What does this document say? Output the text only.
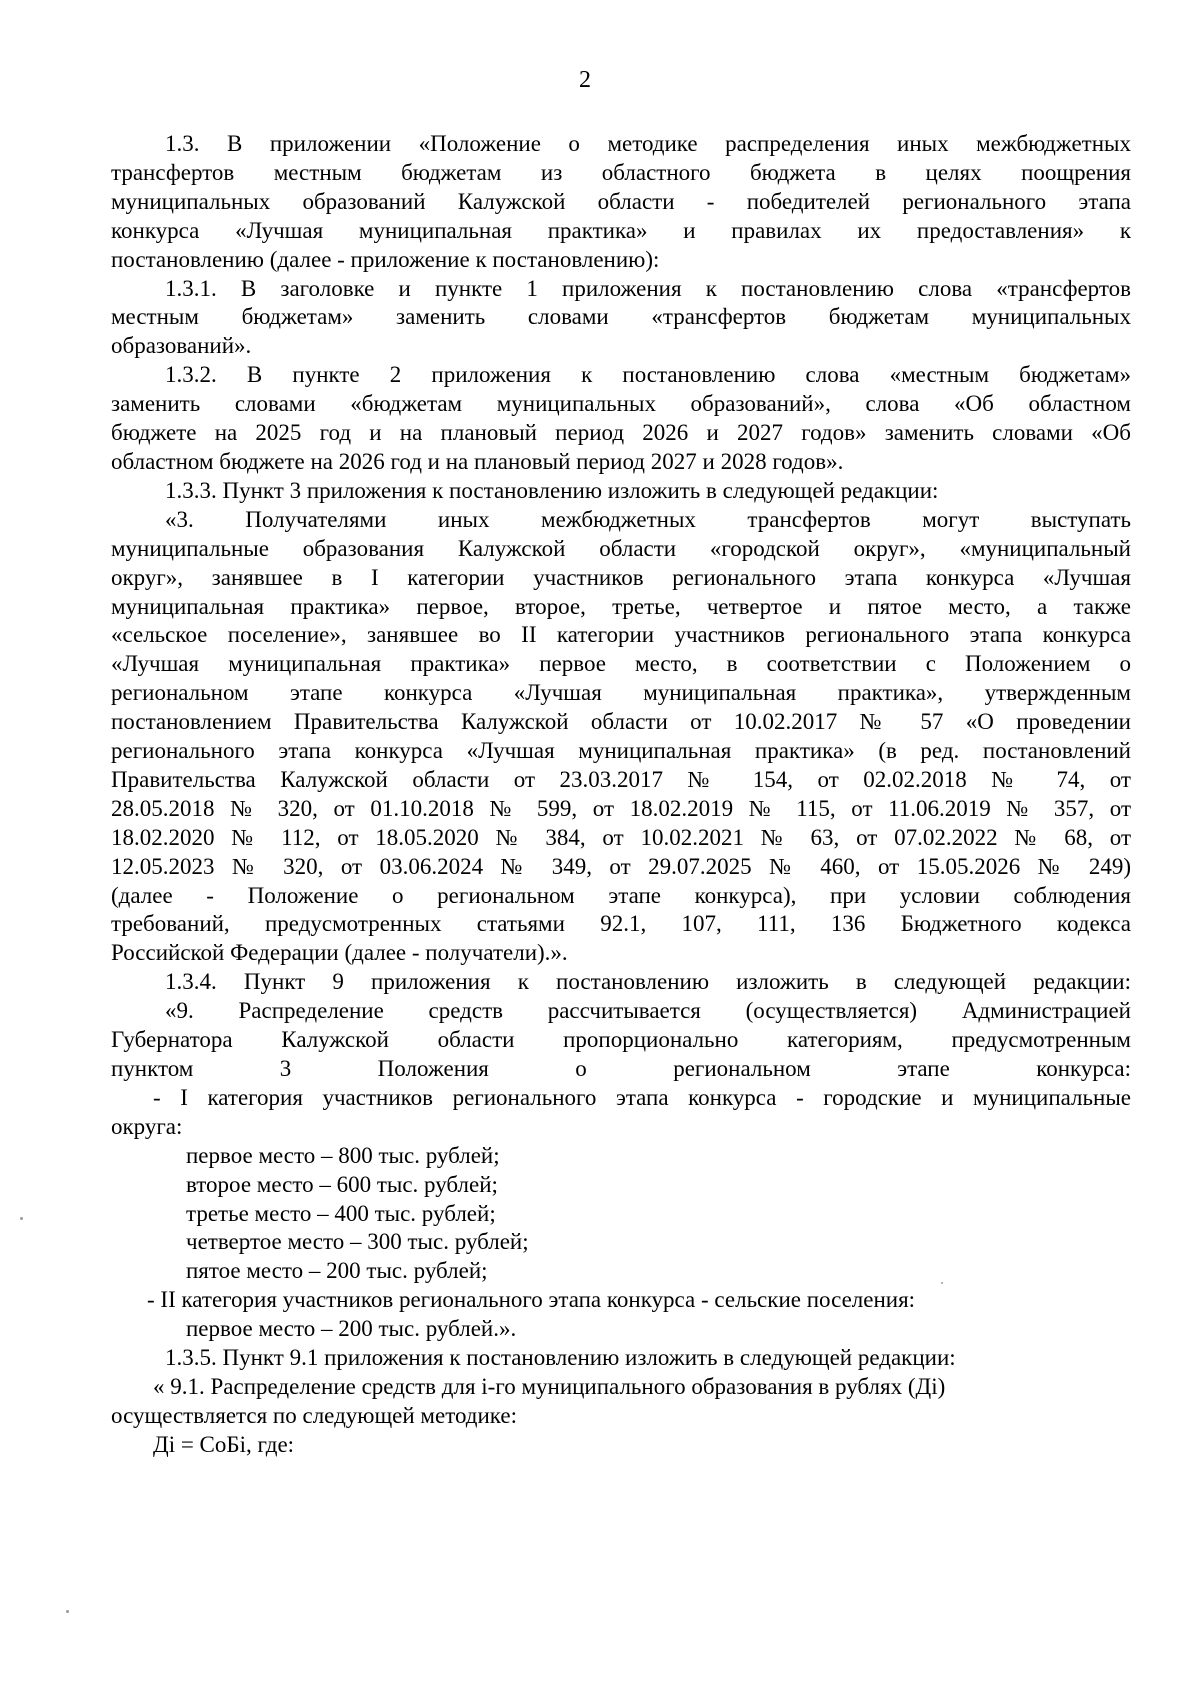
2
1.3. В приложении «Положение о методике распределения иных межбюджетных
трансфертов местным бюджетам из областного бюджета в целях поощрения
муниципальных образований Калужской области - победителей регионального этапа
конкурса «Лучшая муниципальная практика» и правилах их предоставления» к
постановлению (далее - приложение к постановлению):
1.3.1. В заголовке и пункте 1 приложения к постановлению слова «трансфертов
местным бюджетам» заменить словами «трансфертов бюджетам муниципальных
образований».
1.3.2. В пункте 2 приложения к постановлению слова «местным бюджетам»
заменить словами «бюджетам муниципальных образований», слова «Об областном
бюджете на 2025 год и на плановый период 2026 и 2027 годов» заменить словами «Об
областном бюджете на 2026 год и на плановый период 2027 и 2028 годов».
1.3.3. Пункт 3 приложения к постановлению изложить в следующей редакции:
«3. Получателями иных межбюджетных трансфертов могут выступать
муниципальные образования Калужской области «городской округ», «муниципальный
округ», занявшее в I категории участников регионального этапа конкурса «Лучшая
муниципальная практика» первое, второе, третье, четвертое и пятое место, а также
«сельское поселение», занявшее во II категории участников регионального этапа конкурса
«Лучшая муниципальная практика» первое место, в соответствии с Положением о
региональном этапе конкурса «Лучшая муниципальная практика», утвержденным
постановлением Правительства Калужской области от 10.02.2017 № 57 «О проведении
регионального этапа конкурса «Лучшая муниципальная практика» (в ред. постановлений
Правительства Калужской области от 23.03.2017 № 154, от 02.02.2018 № 74, от
28.05.2018 № 320, от 01.10.2018 № 599, от 18.02.2019 № 115, от 11.06.2019 № 357, от
18.02.2020 № 112, от 18.05.2020 № 384, от 10.02.2021 № 63, от 07.02.2022 № 68, от
12.05.2023 № 320, от 03.06.2024 № 349, от 29.07.2025 № 460, от 15.05.2026 № 249)
(далее - Положение о региональном этапе конкурса), при условии соблюдения
требований, предусмотренных статьями 92.1, 107, 111, 136 Бюджетного кодекса
Российской Федерации (далее - получатели).».
1.3.4. Пункт 9 приложения к постановлению изложить в следующей редакции:
«9. Распределение средств рассчитывается (осуществляется) Администрацией
Губернатора Калужской области пропорционально категориям, предусмотренным
пунктом 3 Положения о региональном этапе конкурса:
- I категория участников регионального этапа конкурса - городские и муниципальные
округа:
первое место – 800 тыс. рублей;
второе место – 600 тыс. рублей;
третье место – 400 тыс. рублей;
четвертое место – 300 тыс. рублей;
пятое место – 200 тыс. рублей;
- II категория участников регионального этапа конкурса - сельские поселения:
первое место – 200 тыс. рублей.».
1.3.5. Пункт 9.1 приложения к постановлению изложить в следующей редакции:
« 9.1. Распределение средств для i-го муниципального образования в рублях (Дi)
осуществляется по следующей методике:
Дi = СоБi, где:
